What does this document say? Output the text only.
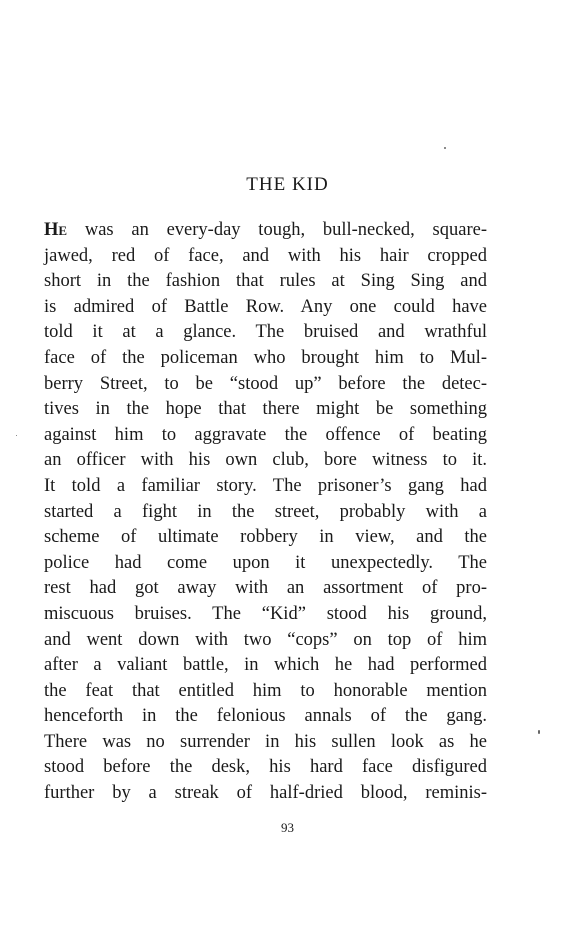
THE KID
He was an every-day tough, bull-necked, square-
jawed, red of face, and with his hair cropped
short in the fashion that rules at Sing Sing and
is admired of Battle Row. Any one could have
told it at a glance. The bruised and wrathful
face of the policeman who brought him to Mul-
berry Street, to be “stood up” before the detec-
tives in the hope that there might be something
against him to aggravate the offence of beating
an officer with his own club, bore witness to it.
It told a familiar story. The prisoner’s gang had
started a fight in the street, probably with a
scheme of ultimate robbery in view, and the
police had come upon it unexpectedly. The
rest had got away with an assortment of pro-
miscuous bruises. The “Kid” stood his ground,
and went down with two “cops” on top of him
after a valiant battle, in which he had performed
the feat that entitled him to honorable mention
henceforth in the felonious annals of the gang.
There was no surrender in his sullen look as he
stood before the desk, his hard face disfigured
further by a streak of half-dried blood, reminis-

93
